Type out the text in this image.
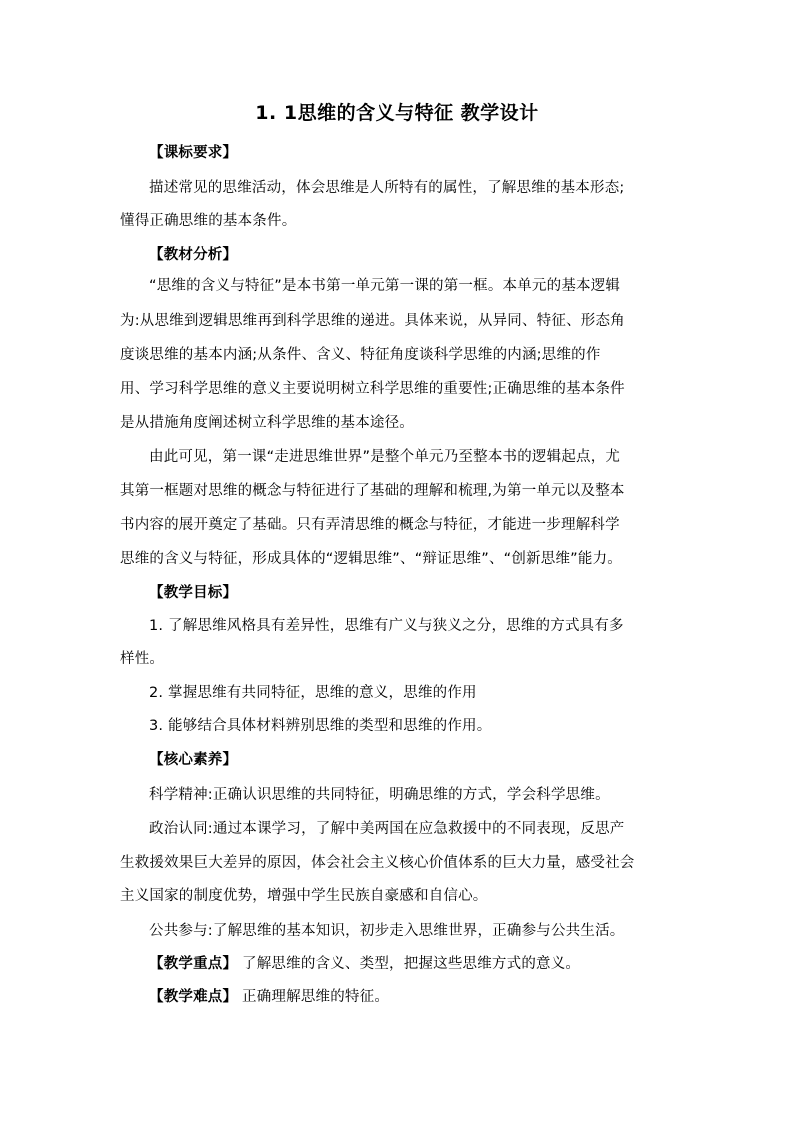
1. 1思维的含义与特征 教学设计
【课标要求】
描述常见的思维活动，体会思维是人所特有的属性，了解思维的基本形态;
懂得正确思维的基本条件。
【教材分析】
“思维的含义与特征”是本书第一单元第一课的第一框。本单元的基本逻辑
为:从思维到逻辑思维再到科学思维的递进。具体来说，从异同、特征、形态角
度谈思维的基本内涵;从条件、含义、特征角度谈科学思维的内涵;思维的作
用、学习科学思维的意义主要说明树立科学思维的重要性;正确思维的基本条件
是从措施角度阐述树立科学思维的基本途径。
由此可见，第一课“走进思维世界”是整个单元乃至整本书的逻辑起点，尤
其第一框题对思维的概念与特征进行了基础的理解和梳理,为第一单元以及整本
书内容的展开奠定了基础。只有弄清思维的概念与特征，才能进一步理解科学
思维的含义与特征，形成具体的“逻辑思维”、“辩证思维”、“创新思维”能力。
【教学目标】
1. 了解思维风格具有差异性，思维有广义与狭义之分，思维的方式具有多
样性。
2. 掌握思维有共同特征，思维的意义，思维的作用
3. 能够结合具体材料辨别思维的类型和思维的作用。
【核心素养】
科学精神:正确认识思维的共同特征，明确思维的方式，学会科学思维。
政治认同:通过本课学习，了解中美两国在应急救援中的不同表现，反思产
生救援效果巨大差异的原因，体会社会主义核心价值体系的巨大力量，感受社会
主义国家的制度优势，增强中学生民族自豪感和自信心。
公共参与:了解思维的基本知识，初步走入思维世界，正确参与公共生活。
【教学重点】 了解思维的含义、类型，把握这些思维方式的意义。
【教学难点】 正确理解思维的特征。
